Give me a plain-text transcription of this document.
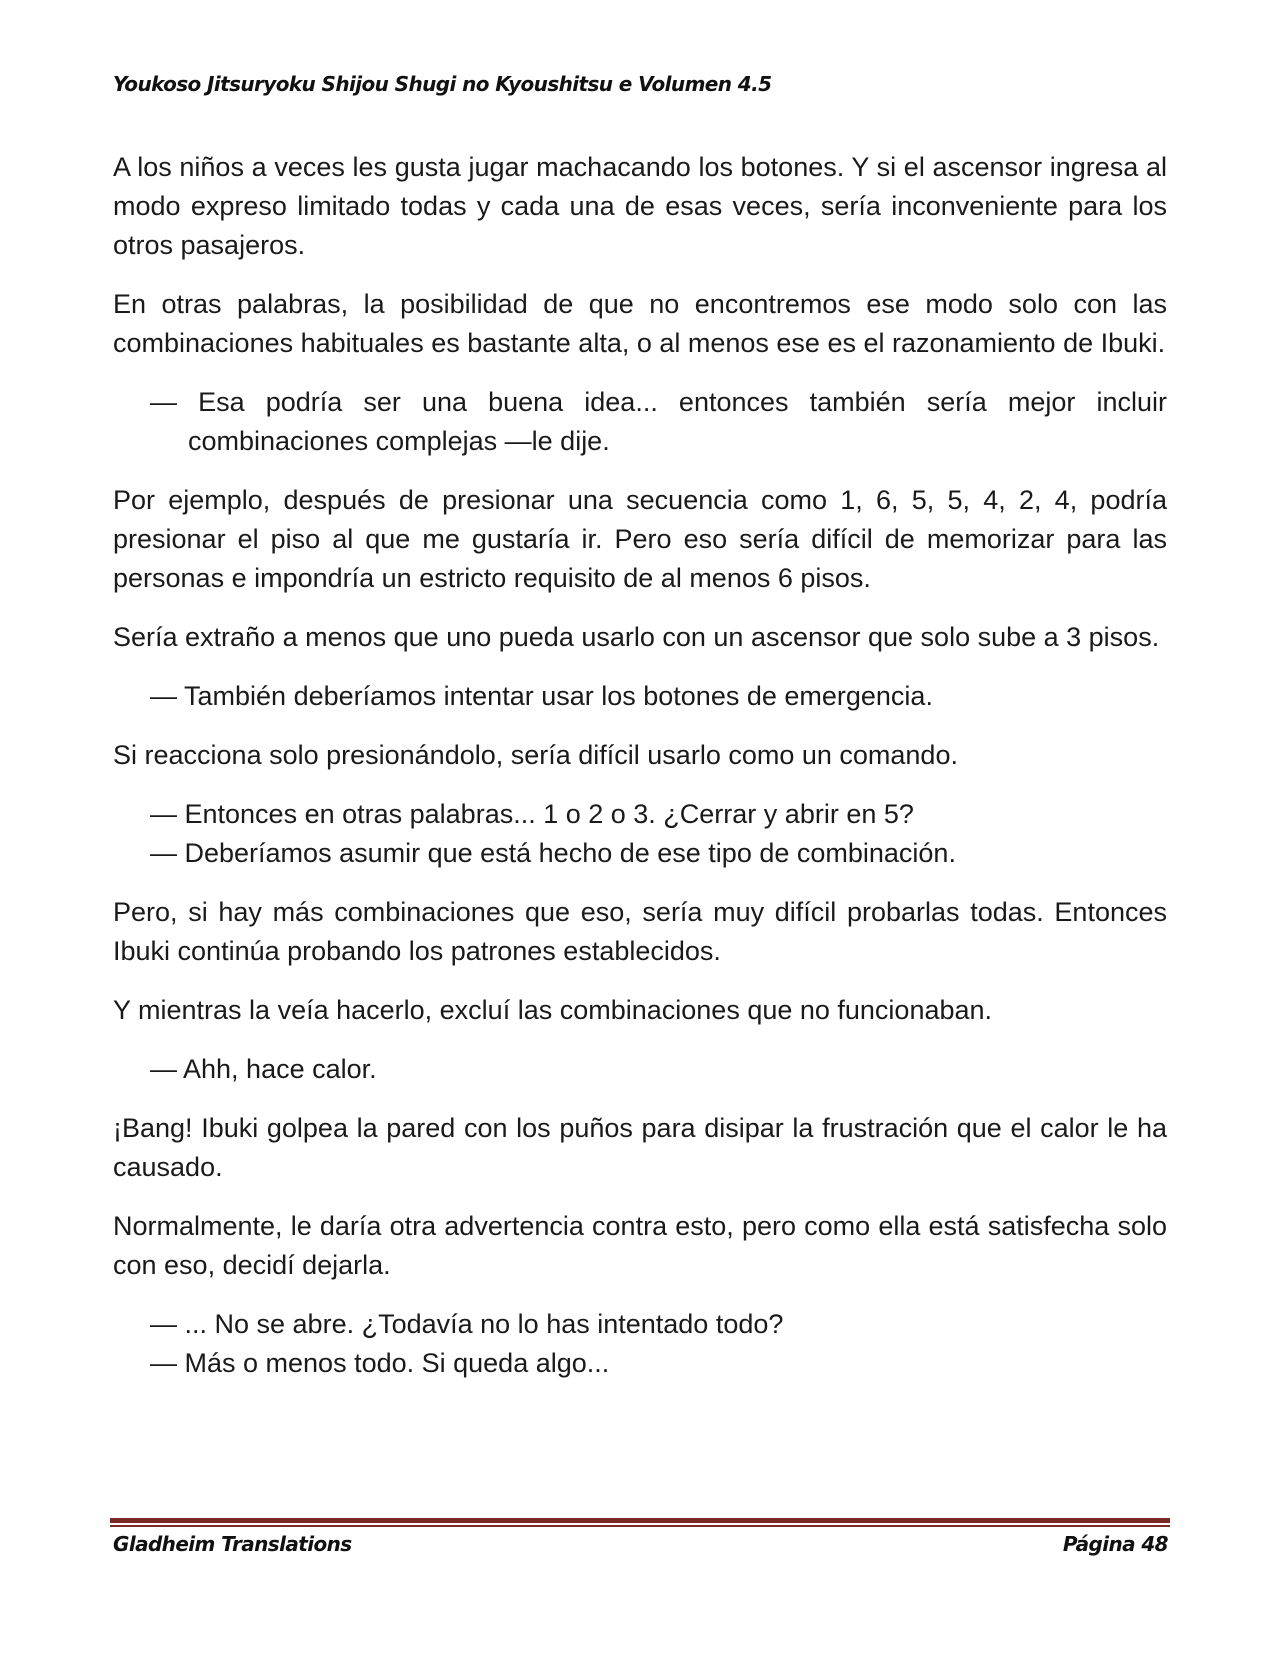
Youkoso Jitsuryoku Shijou Shugi no Kyoushitsu e Volumen 4.5

A los niños a veces les gusta jugar machacando los botones. Y si el ascensor ingresa al modo expreso limitado todas y cada una de esas veces, sería inconveniente para los otros pasajeros.

En otras palabras, la posibilidad de que no encontremos ese modo solo con las combinaciones habituales es bastante alta, o al menos ese es el razonamiento de Ibuki.

— Esa podría ser una buena idea... entonces también sería mejor incluir combinaciones complejas —le dije.

Por ejemplo, después de presionar una secuencia como 1, 6, 5, 5, 4, 2, 4, podría presionar el piso al que me gustaría ir. Pero eso sería difícil de memorizar para las personas e impondría un estricto requisito de al menos 6 pisos.

Sería extraño a menos que uno pueda usarlo con un ascensor que solo sube a 3 pisos.

— También deberíamos intentar usar los botones de emergencia.

Si reacciona solo presionándolo, sería difícil usarlo como un comando.

— Entonces en otras palabras... 1 o 2 o 3. ¿Cerrar y abrir en 5?

— Deberíamos asumir que está hecho de ese tipo de combinación.

Pero, si hay más combinaciones que eso, sería muy difícil probarlas todas. Entonces Ibuki continúa probando los patrones establecidos.

Y mientras la veía hacerlo, excluí las combinaciones que no funcionaban.

— Ahh, hace calor.

¡Bang! Ibuki golpea la pared con los puños para disipar la frustración que el calor le ha causado.

Normalmente, le daría otra advertencia contra esto, pero como ella está satisfecha solo con eso, decidí dejarla.

— ... No se abre. ¿Todavía no lo has intentado todo?

— Más o menos todo. Si queda algo...

Gladheim Translations	Página 48
